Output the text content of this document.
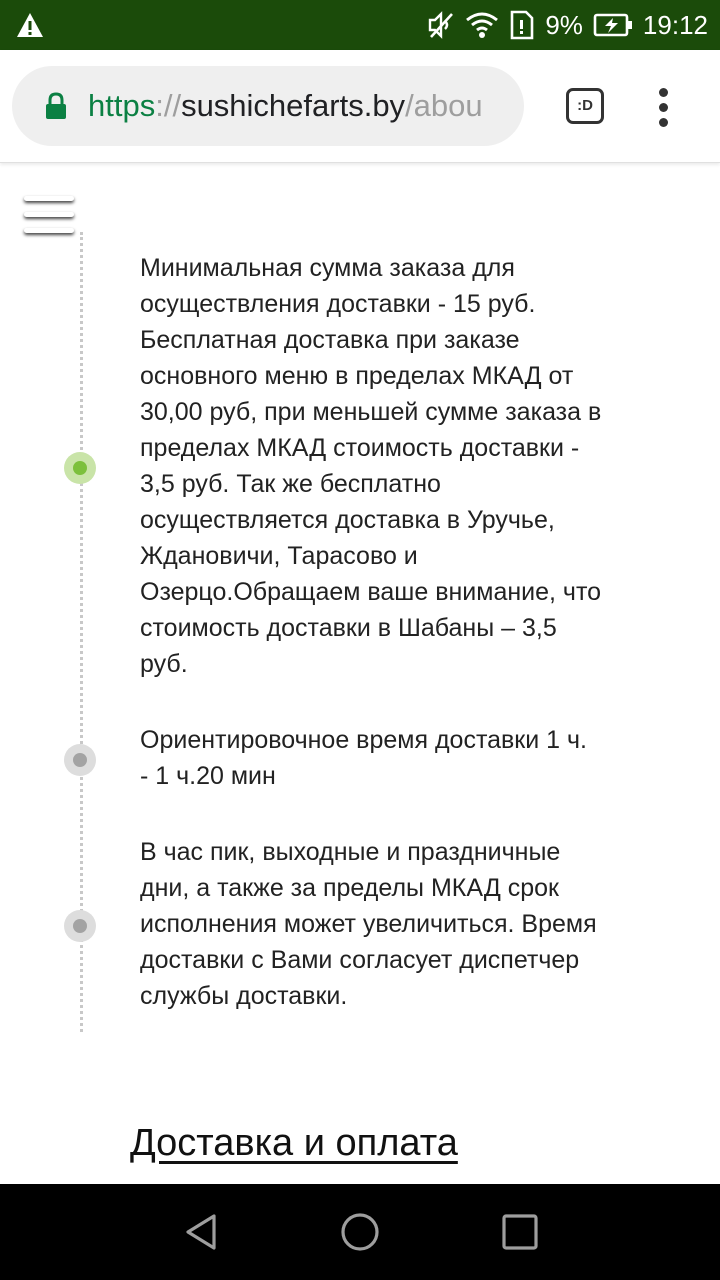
9% 19:12
https://sushichefarts.by/abou	:D

Минимальная сумма заказа для осуществления доставки - 15 руб. Бесплатная доставка при заказе основного меню в пределах МКАД от 30,00 руб, при меньшей сумме заказа в пределах МКАД стоимость доставки - 3,5 руб. Так же бесплатно осуществляется доставка в Уручье, Ждановичи, Тарасово и Озерцо.Обращаем ваше внимание, что стоимость доставки в Шабаны – 3,5 руб.

Ориентировочное время доставки 1 ч. - 1 ч.20 мин

В час пик, выходные и праздничные дни, а также за пределы МКАД срок исполнения может увеличиться. Время доставки с Вами согласует диспетчер службы доставки.

Доставка и оплата
